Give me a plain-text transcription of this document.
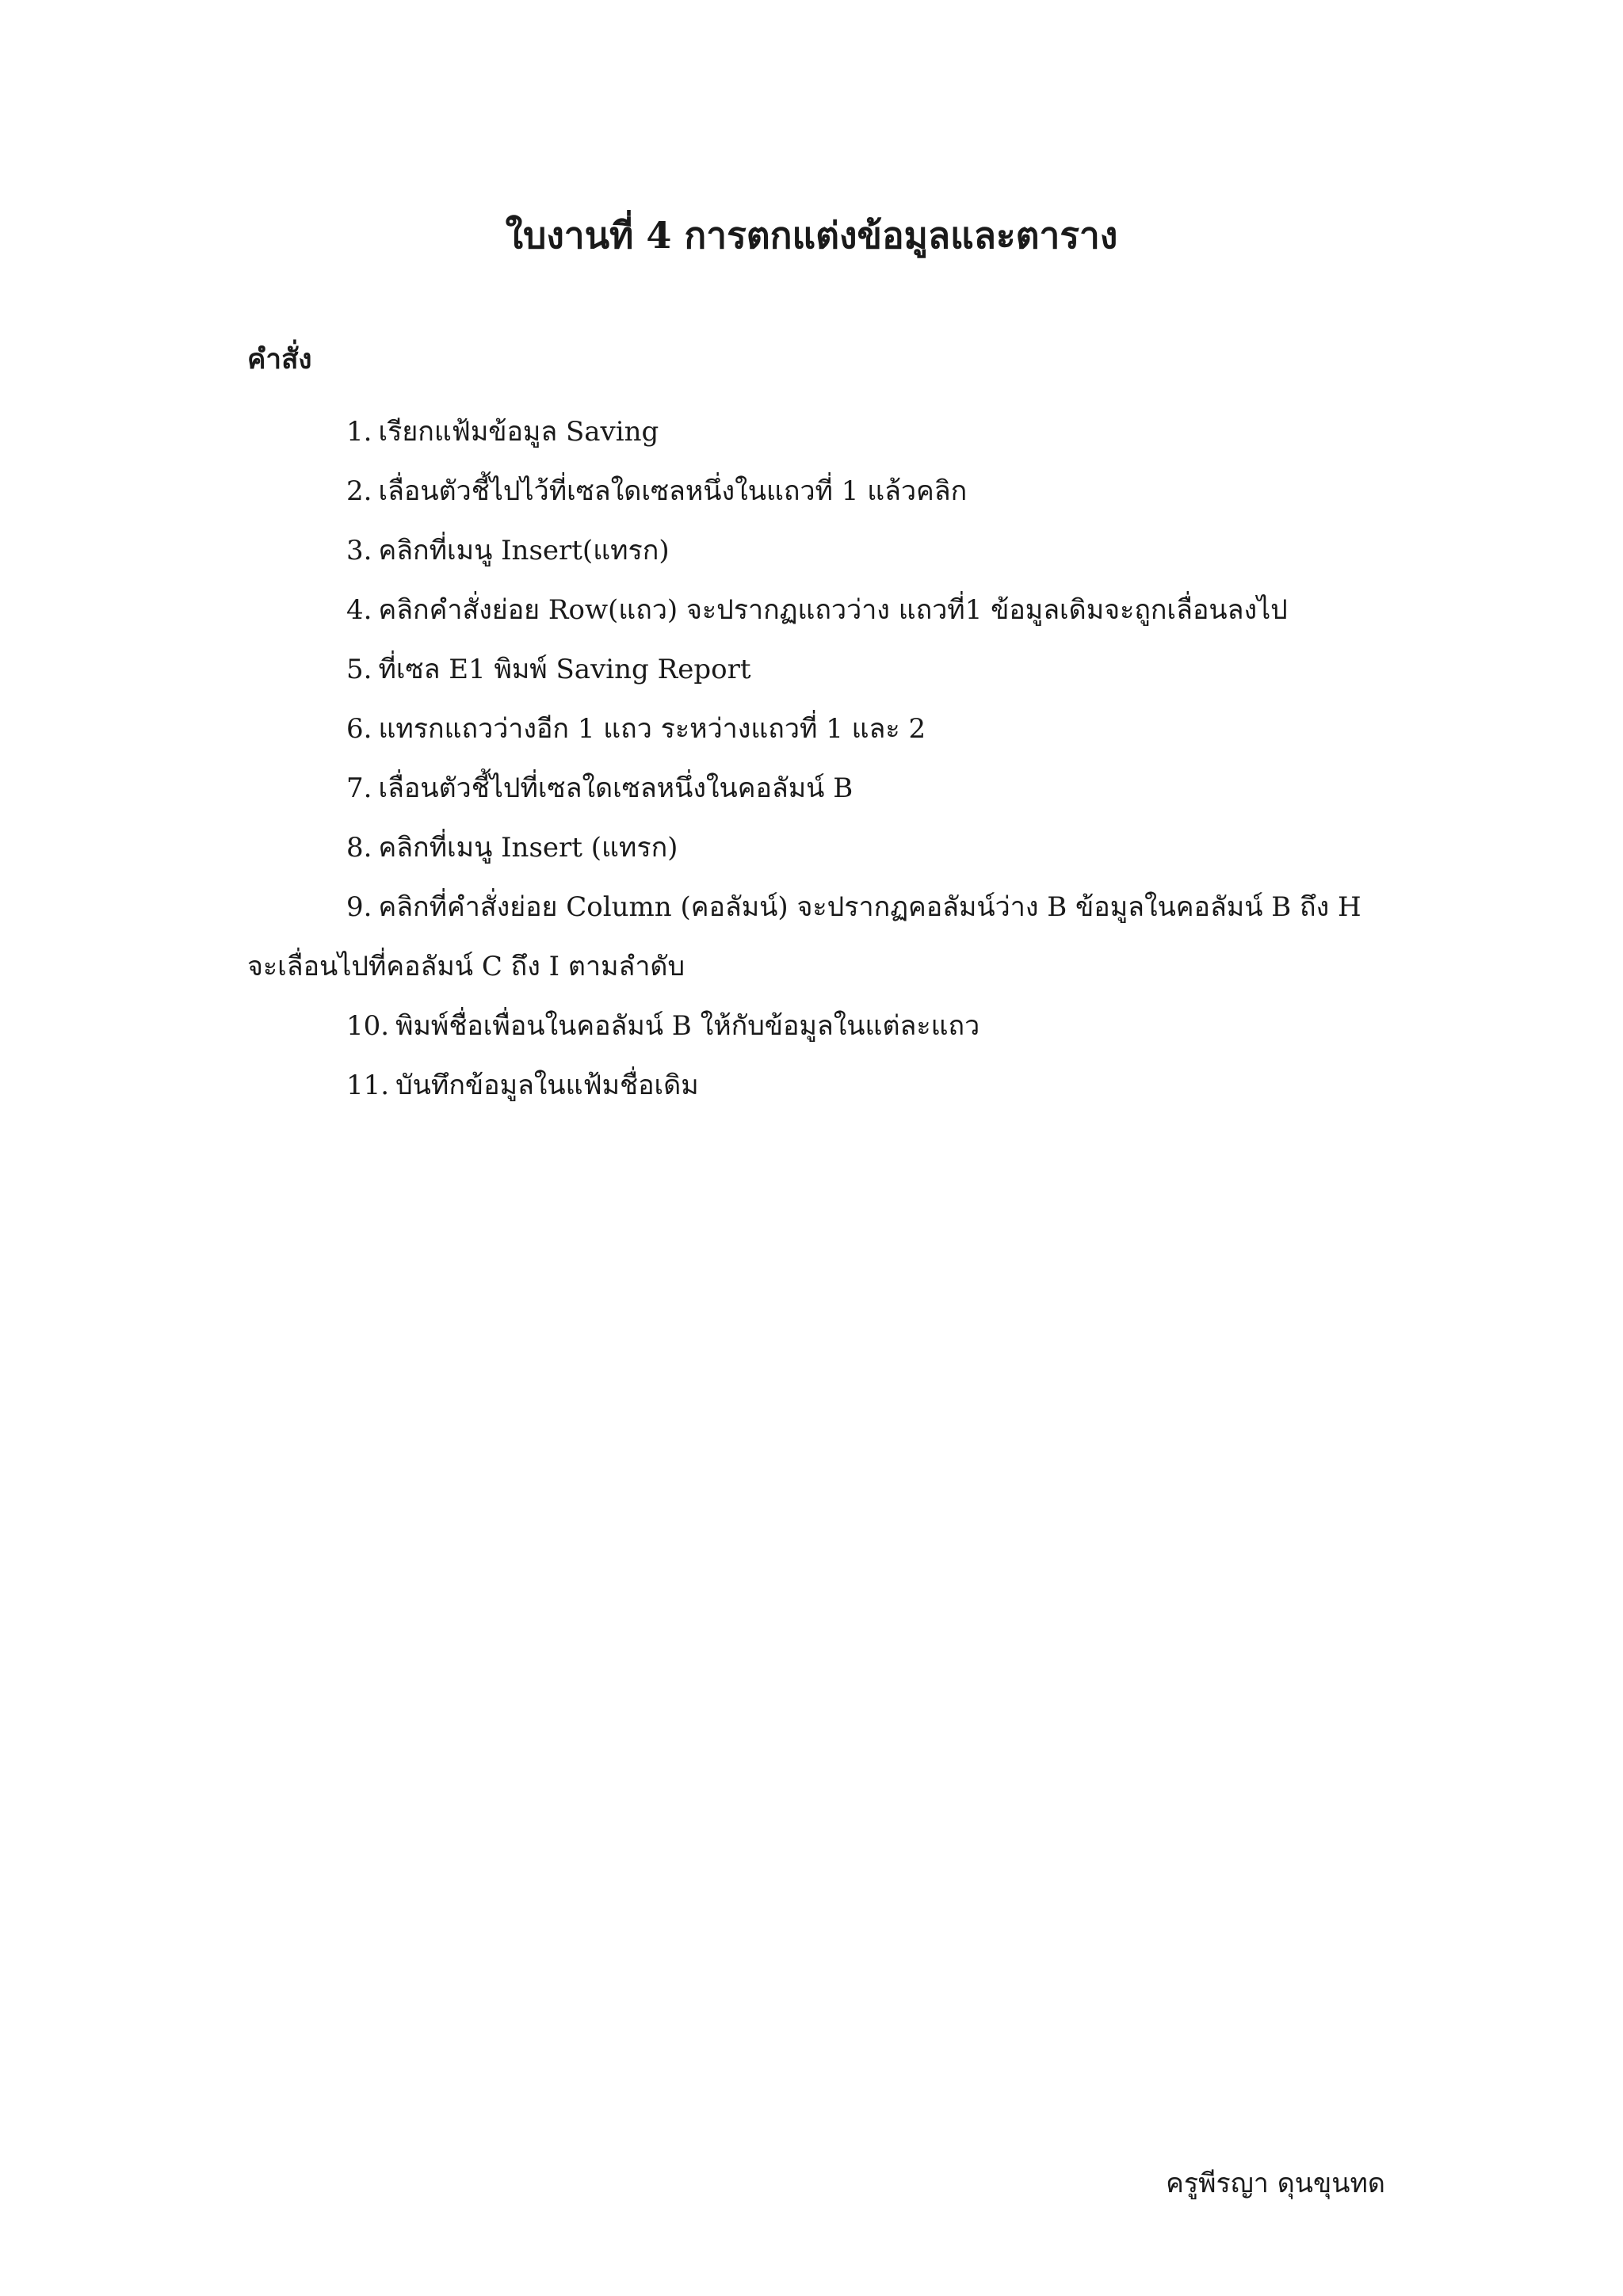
ใบงานที่ 4 การตกแต่งข้อมูลและตาราง
คำสั่ง
1. เรียกแฟ้มข้อมูล Saving
2. เลื่อนตัวชี้ไปไว้ที่เซลใดเซลหนึ่งในแถวที่ 1 แล้วคลิก
3. คลิกที่เมนู Insert(แทรก)
4. คลิกคำสั่งย่อย Row(แถว) จะปรากฏแถวว่าง แถวที่1 ข้อมูลเดิมจะถูกเลื่อนลงไป
5. ที่เซล E1 พิมพ์ Saving Report
6. แทรกแถวว่างอีก 1 แถว ระหว่างแถวที่ 1 และ 2
7. เลื่อนตัวชี้ไปที่เซลใดเซลหนึ่งในคอลัมน์ B
8. คลิกที่เมนู Insert (แทรก)
9. คลิกที่คำสั่งย่อย Column (คอลัมน์) จะปรากฏคอลัมน์ว่าง B ข้อมูลในคอลัมน์ B ถึง H
จะเลื่อนไปที่คอลัมน์ C ถึง I ตามลำดับ
10. พิมพ์ชื่อเพื่อนในคอลัมน์ B ให้กับข้อมูลในแต่ละแถว
11. บันทึกข้อมูลในแฟ้มชื่อเดิม

ครูพีรญา ดุนขุนทด
